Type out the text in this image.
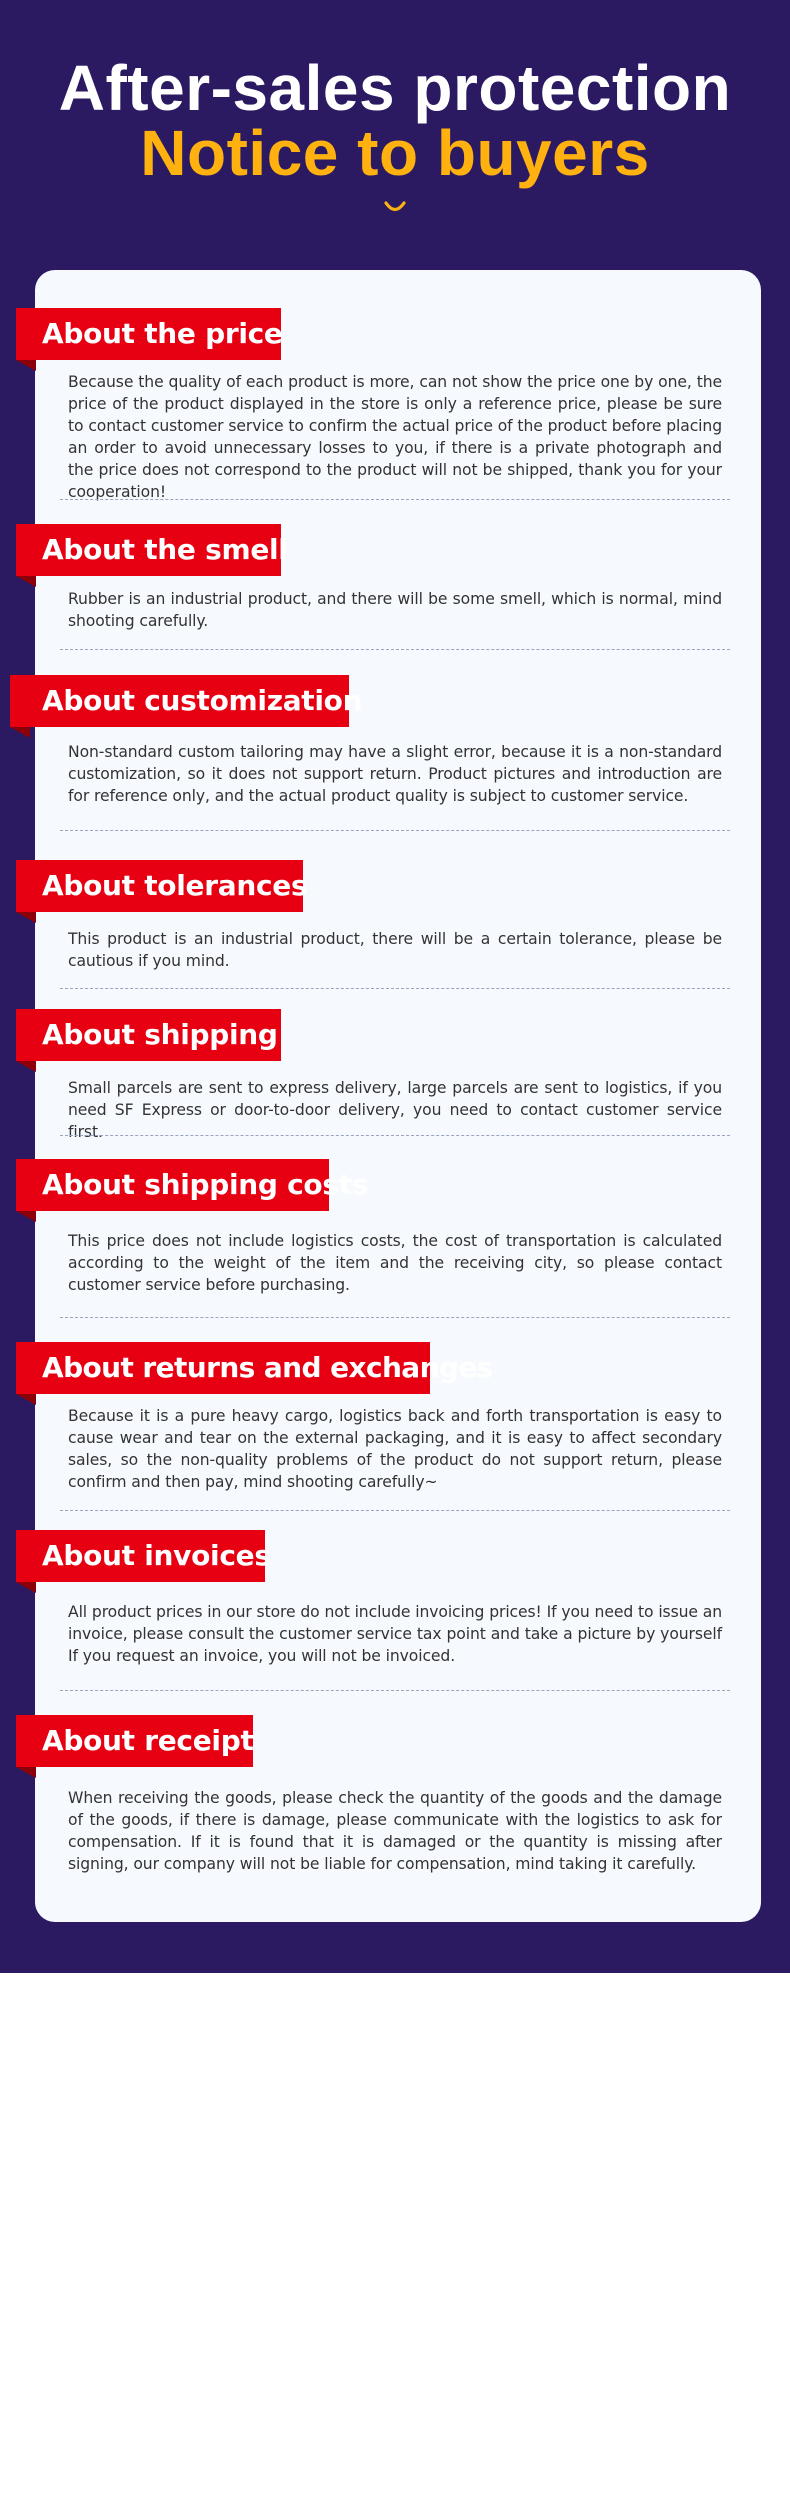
After-sales protection
Notice to buyers
About the price
Because the quality of each product is more, can not show the price one by one, the price of the product displayed in the store is only a reference price, please be sure to contact customer service to confirm the actual price of the product before placing an order to avoid unnecessary losses to you, if there is a private photograph and the price does not correspond to the product will not be shipped, thank you for your cooperation!
About the smell
Rubber is an industrial product, and there will be some smell, which is normal, mind shooting carefully.
About customization
Non-standard custom tailoring may have a slight error, because it is a non-standard customization, so it does not support return. Product pictures and introduction are for reference only, and the actual product quality is subject to customer service.
About tolerances
This product is an industrial product, there will be a certain tolerance, please be cautious if you mind.
About shipping
Small parcels are sent to express delivery, large parcels are sent to logistics, if you need SF Express or door-to-door delivery, you need to contact customer service first.
About shipping costs
This price does not include logistics costs, the cost of transportation is calculated according to the weight of the item and the receiving city, so please contact customer service before purchasing.
About returns and exchanges
Because it is a pure heavy cargo, logistics back and forth transportation is easy to cause wear and tear on the external packaging, and it is easy to affect secondary sales, so the non-quality problems of the product do not support return, please confirm and then pay, mind shooting carefully~
About invoices
All product prices in our store do not include invoicing prices! If you need to issue an invoice, please consult the customer service tax point and take a picture by yourself If you request an invoice, you will not be invoiced.
About receipt
When receiving the goods, please check the quantity of the goods and the damage of the goods, if there is damage, please communicate with the logistics to ask for compensation. If it is found that it is damaged or the quantity is missing after signing, our company will not be liable for compensation, mind taking it carefully.
